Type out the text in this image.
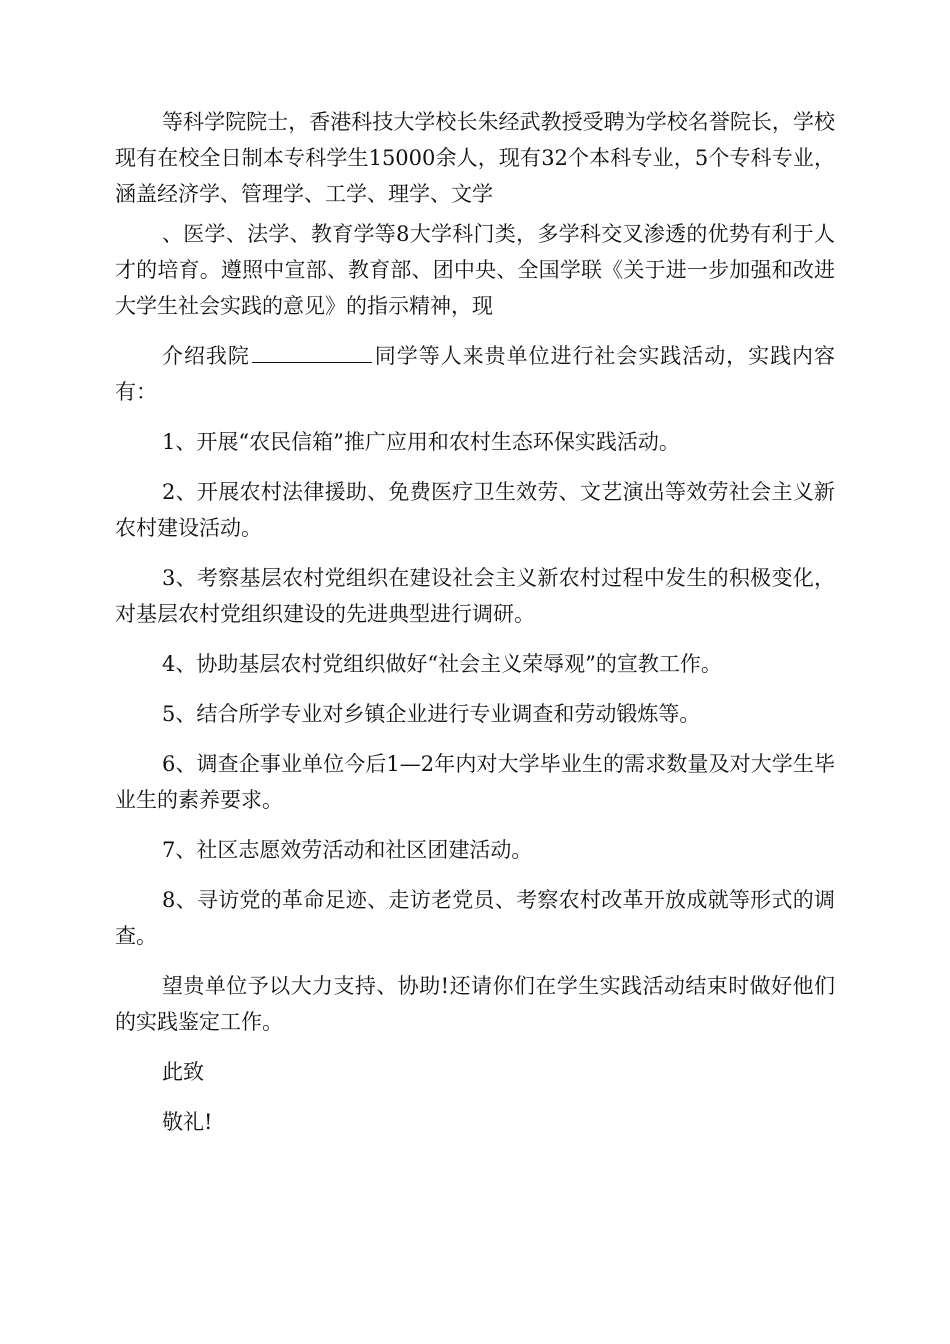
等科学院院士，香港科技大学校长朱经武教授受聘为学校名誉院长，学校现有在校全日制本专科学生15000余人，现有32个本科专业，5个专科专业，涵盖经济学、管理学、工学、理学、文学

、医学、法学、教育学等8大学科门类，多学科交叉渗透的优势有利于人才的培育。遵照中宣部、教育部、团中央、全国学联《关于进一步加强和改进大学生社会实践的意见》的指示精神，现

介绍我院	同学等人来贵单位进行社会实践活动，实践内容有：

1、开展“农民信箱”推广应用和农村生态环保实践活动。

2、开展农村法律援助、免费医疗卫生效劳、文艺演出等效劳社会主义新农村建设活动。

3、考察基层农村党组织在建设社会主义新农村过程中发生的积极变化，对基层农村党组织建设的先进典型进行调研。

4、协助基层农村党组织做好“社会主义荣辱观”的宣教工作。

5、结合所学专业对乡镇企业进行专业调查和劳动锻炼等。

6、调查企事业单位今后1—2年内对大学毕业生的需求数量及对大学生毕业生的素养要求。

7、社区志愿效劳活动和社区团建活动。

8、寻访党的革命足迹、走访老党员、考察农村改革开放成就等形式的调查。

望贵单位予以大力支持、协助!还请你们在学生实践活动结束时做好他们的实践鉴定工作。

此致

敬礼!
